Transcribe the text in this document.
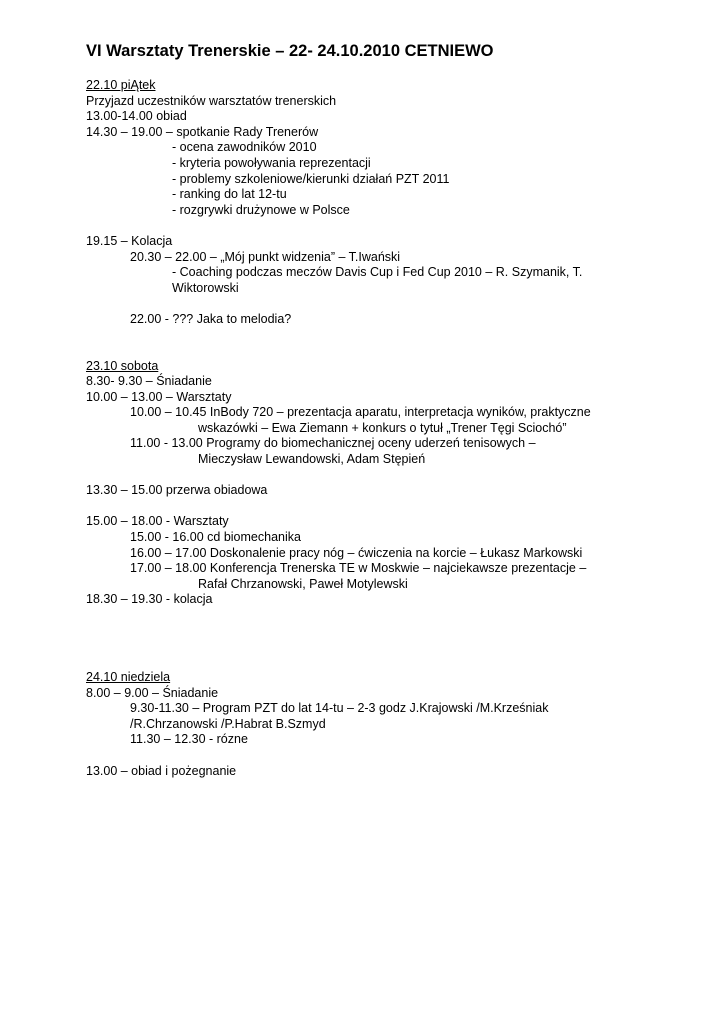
VI Warsztaty Trenerskie – 22- 24.10.2010 CETNIEWO
22.10 piĄtek
Przyjazd uczestników warsztatów trenerskich
13.00-14.00 obiad
14.30 – 19.00 – spotkanie Rady Trenerów
- ocena zawodników 2010
- kryteria powoływania reprezentacji
- problemy szkoleniowe/kierunki działań PZT 2011
- ranking do lat 12-tu
- rozgrywki drużynowe w Polsce
19.15 – Kolacja
20.30 – 22.00 – „Mój punkt widzenia” – T.Iwański
- Coaching podczas meczów Davis Cup i Fed Cup 2010 – R. Szymanik, T. Wiktorowski
22.00 - ??? Jaka to melodia?
23.10 sobota
8.30- 9.30 – Śniadanie
10.00 – 13.00 – Warsztaty
10.00 – 10.45 InBody 720 – prezentacja aparatu, interpretacja wyników, praktyczne
wskazówki – Ewa Ziemann + konkurs o tytuł „Trener Tęgi Sciochó”
11.00 - 13.00 Programy do biomechanicznej oceny uderzeń tenisowych –
Mieczysław Lewandowski, Adam Stępień
13.30 – 15.00 przerwa obiadowa
15.00 – 18.00 - Warsztaty
15.00 - 16.00 cd biomechanika
16.00 – 17.00 Doskonalenie pracy nóg – ćwiczenia na korcie – Łukasz Markowski
17.00 – 18.00 Konferencja Trenerska TE w Moskwie – najciekawsze prezentacje –
Rafał Chrzanowski, Paweł Motylewski
18.30 – 19.30 - kolacja
24.10 niedziela
8.00 – 9.00 – Śniadanie
9.30-11.30 – Program PZT do lat 14-tu – 2-3 godz J.Krajowski /M.Krześniak
/R.Chrzanowski /P.Habrat B.Szmyd
11.30 – 12.30 - rózne
13.00 – obiad i pożegnanie
